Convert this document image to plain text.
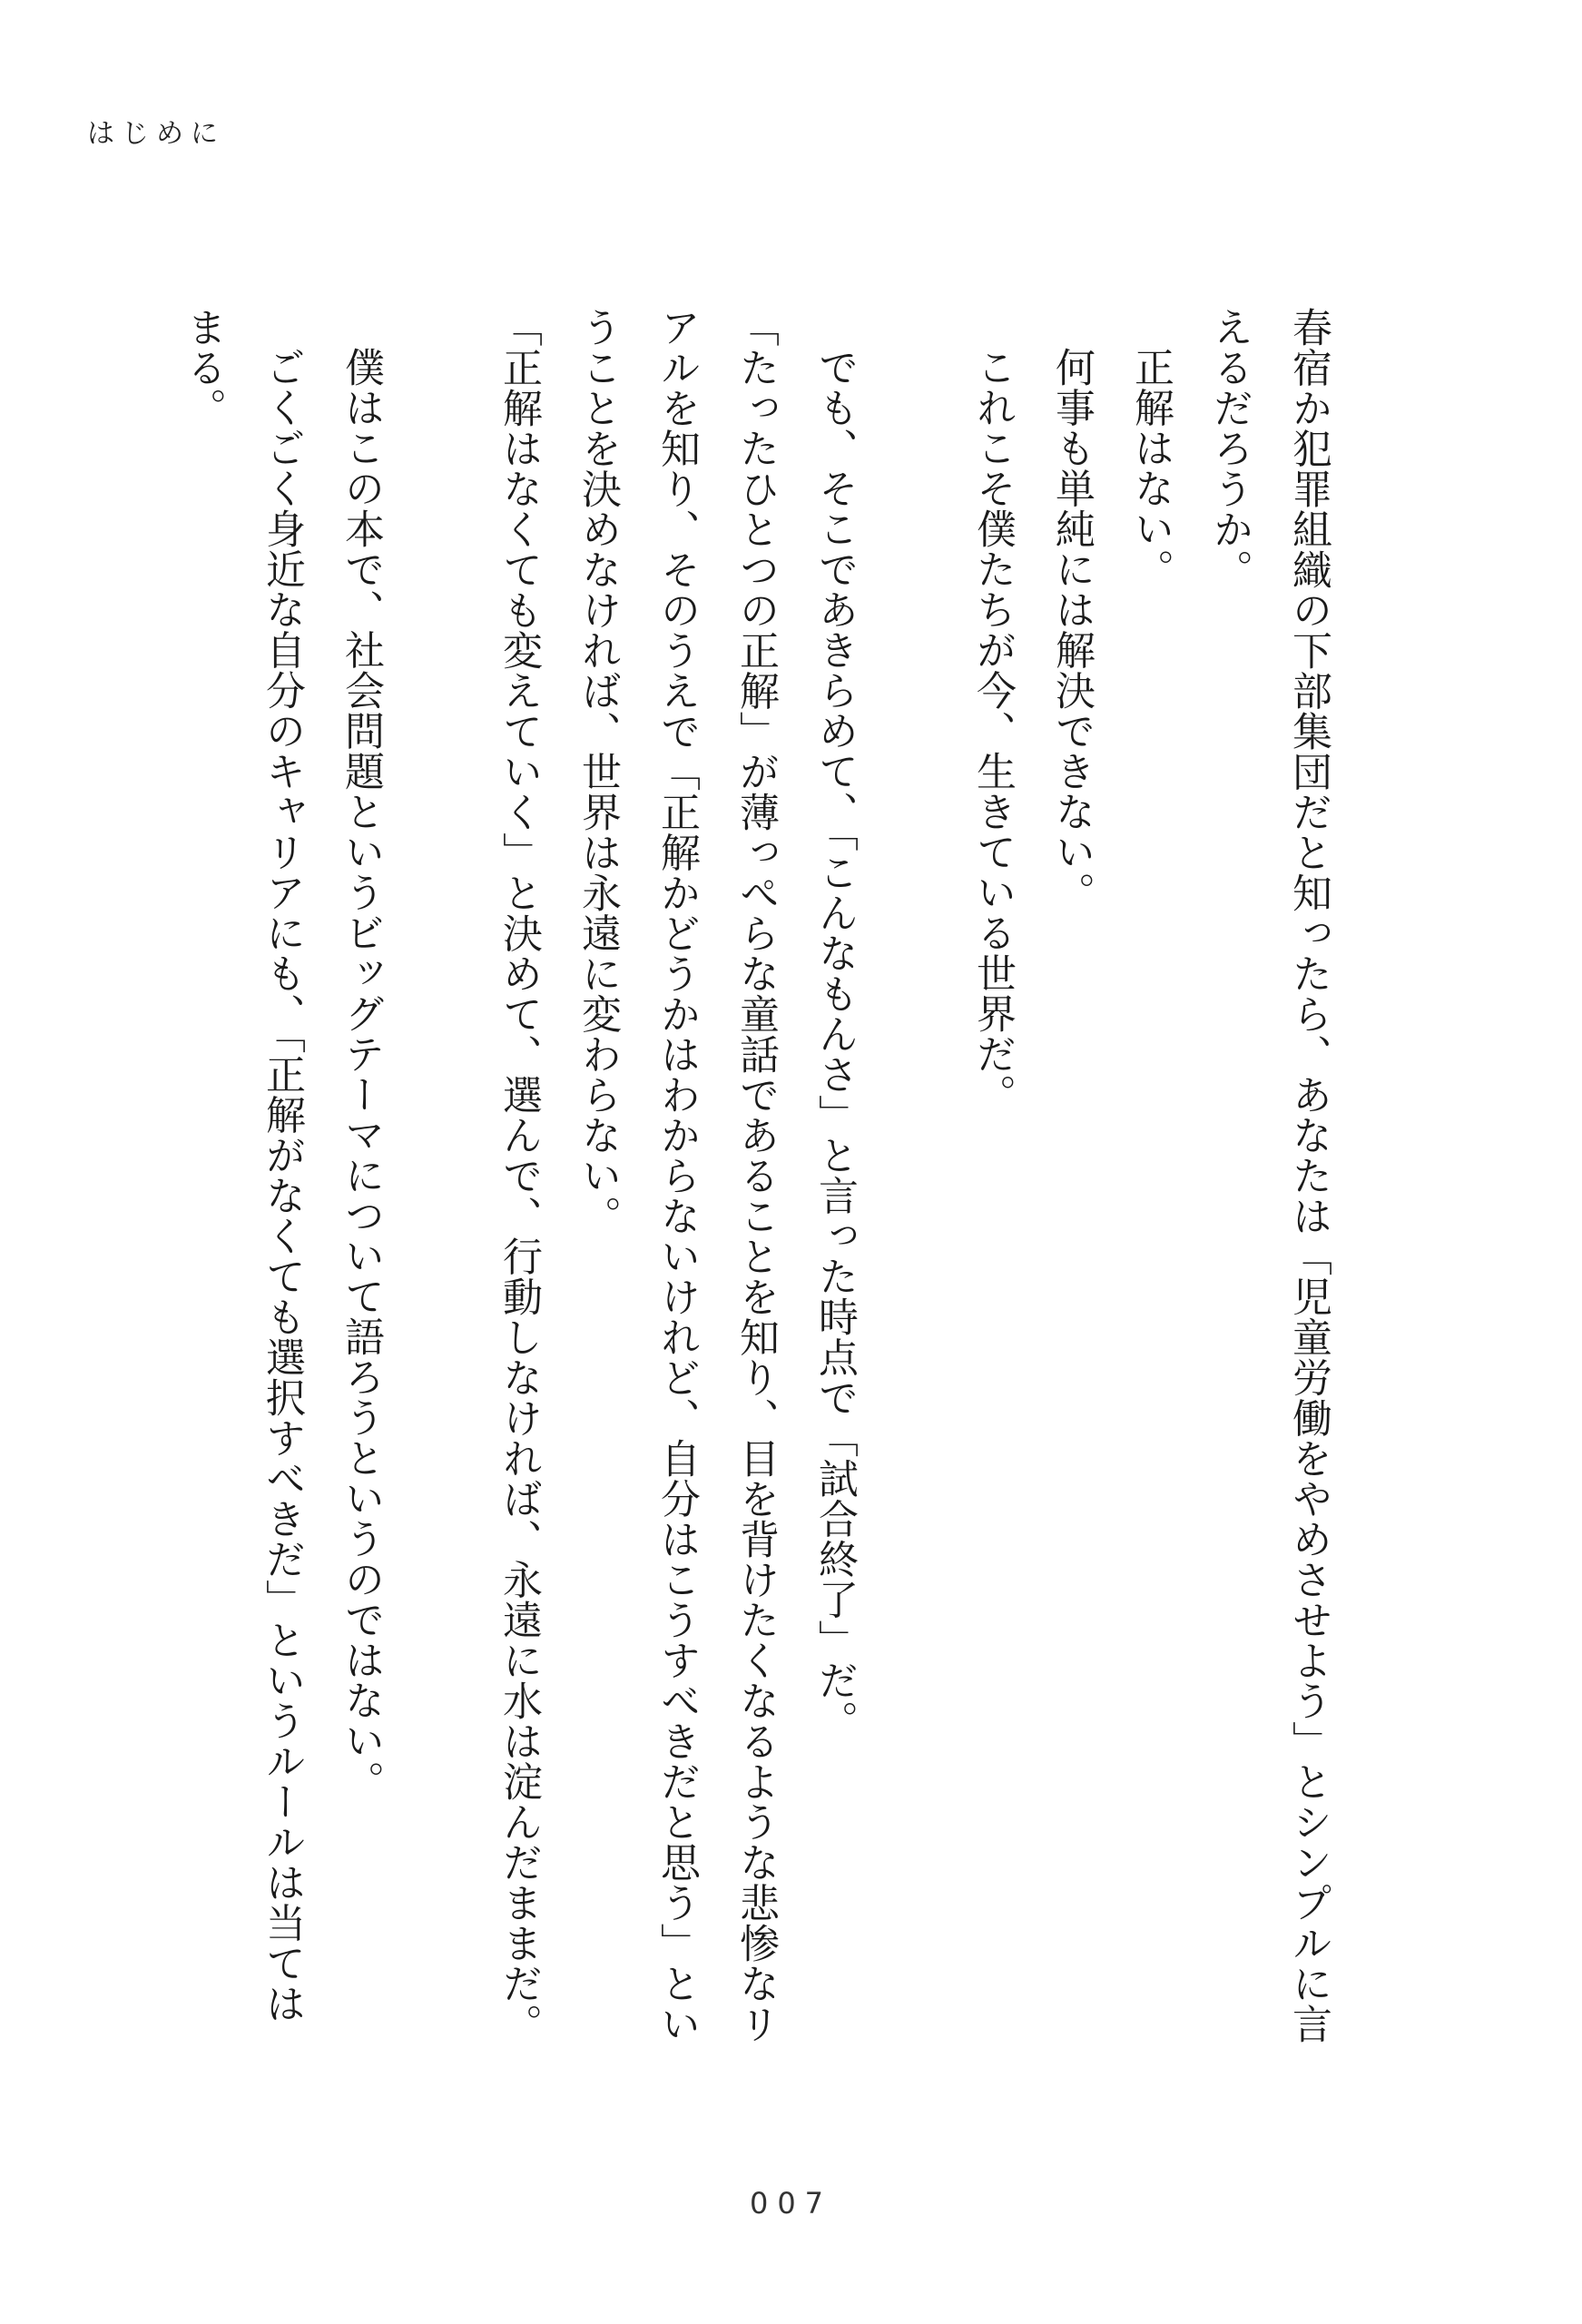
はじめに

春宿か犯罪組織の下部集団だと知ったら、あなたは「児童労働をやめさせよう」とシンプルに言えるだろうか。

正解はない。

何事も単純には解決できない。

これこそ僕たちが今、生きている世界だ。

でも、そこであきらめて、「こんなもんさ」と言った時点で「試合終了」だ。

「たったひとつの正解」が薄っぺらな童話であることを知り、目を背けたくなるような悲惨なリアルを知り、そのうえで「正解かどうかはわからないけれど、自分はこうすべきだと思う」ということを決めなければ、世界は永遠に変わらない。

「正解はなくても変えていく」と決めて、選んで、行動しなければ、永遠に水は淀んだままだ。

僕はこの本で、社会問題というビッグテーマについて語ろうというのではない。

ごくごく身近な自分のキャリアにも、「正解がなくても選択すべきだ」というルールは当てはまる。

007
